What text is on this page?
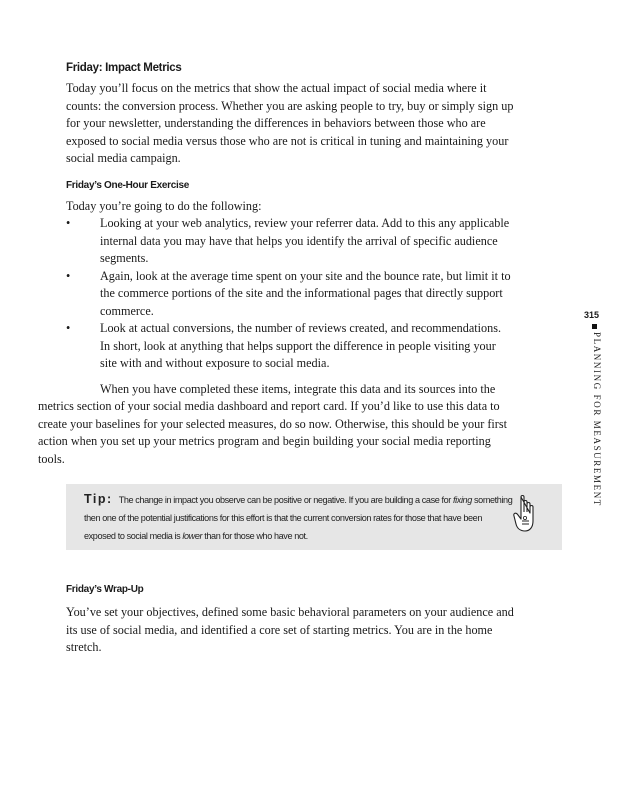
Friday: Impact Metrics

Today you’ll focus on the metrics that show the actual impact of social media where it counts: the conversion process. Whether you are asking people to try, buy or simply sign up for your newsletter, understanding the differences in behaviors between those who are exposed to social media versus those who are not is critical in tuning and maintaining your social media campaign.

Friday’s One-Hour Exercise

Today you’re going to do the following:

• Looking at your web analytics, review your referrer data. Add to this any applicable internal data you may have that helps you identify the arrival of specific audience segments.
• Again, look at the average time spent on your site and the bounce rate, but limit it to the commerce portions of the site and the informational pages that directly support commerce.
• Look at actual conversions, the number of reviews created, and recommendations. In short, look at anything that helps support the difference in people visiting your site with and without exposure to social media.

When you have completed these items, integrate this data and its sources into the metrics section of your social media dashboard and report card. If you’d like to use this data to create your baselines for your selected measures, do so now. Otherwise, this should be your first action when you set up your metrics program and begin building your social media reporting tools.

Tip: The change in impact you observe can be positive or negative. If you are building a case for fixing something then one of the potential justifications for this effort is that the current conversion rates for those that have been exposed to social media is lower than for those who have not.
Friday’s Wrap-Up

You’ve set your objectives, defined some basic behavioral parameters on your audience and its use of social media, and identified a core set of starting metrics. You are in the home stretch.

315
PLANNING FOR MEASUREMENT
